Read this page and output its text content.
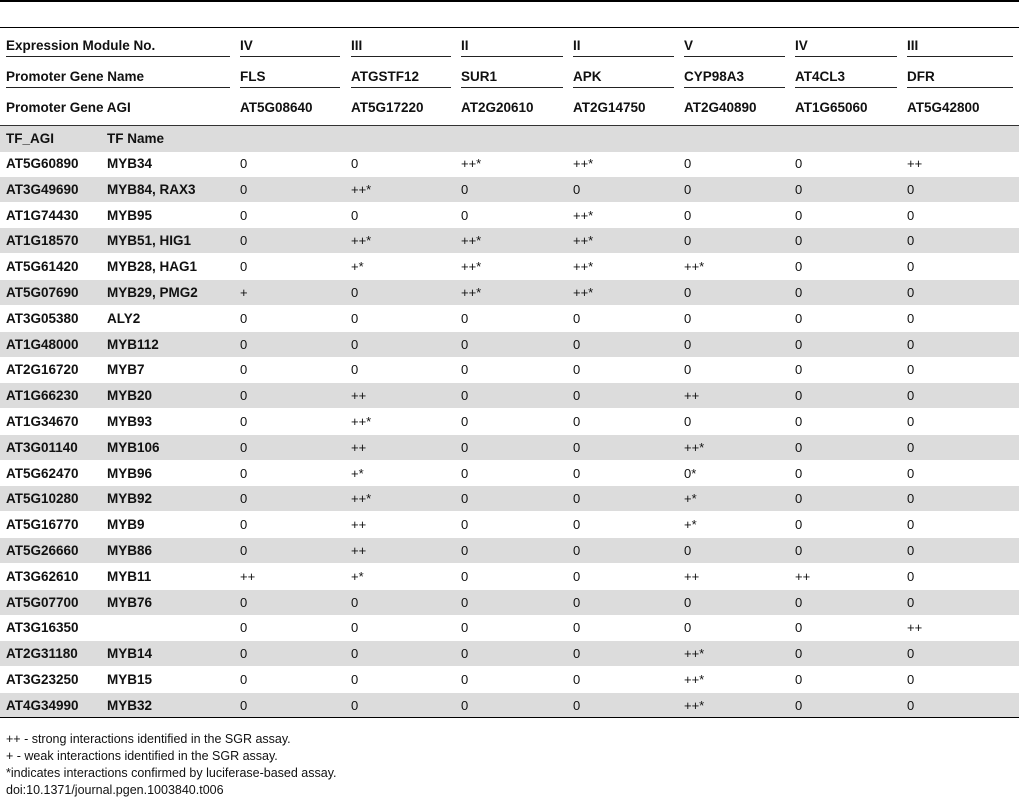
Expression Module No.	IV	III	II	II	V	IV	III
Promoter Gene Name	FLS	ATGSTF12	SUR1	APK	CYP98A3	AT4CL3	DFR
Promoter Gene AGI	AT5G08640	AT5G17220	AT2G20610	AT2G14750	AT2G40890	AT1G65060	AT5G42800
TF_AGI	TF Name
AT5G60890 MYB34	0	0	++*	++*	0	0	++
AT3G49690 MYB84, RAX3	0	++*	0	0	0	0	0
AT1G74430 MYB95	0	0	0	++*	0	0	0
AT1G18570 MYB51, HIG1	0	++*	++*	++*	0	0	0
AT5G61420 MYB28, HAG1	0	+*	++*	++*	++*	0	0
AT5G07690 MYB29, PMG2	+	0	++*	++*	0	0	0
AT3G05380 ALY2	0	0	0	0	0	0	0
AT1G48000 MYB112	0	0	0	0	0	0	0
AT2G16720 MYB7	0	0	0	0	0	0	0
AT1G66230 MYB20	0	++	0	0	++	0	0
AT1G34670 MYB93	0	++*	0	0	0	0	0
AT3G01140 MYB106	0	++	0	0	++*	0	0
AT5G62470 MYB96	0	+*	0	0	0*	0	0
AT5G10280 MYB92	0	++*	0	0	+*	0	0
AT5G16770 MYB9	0	++	0	0	+*	0	0
AT5G26660 MYB86	0	++	0	0	0	0	0
AT3G62610 MYB11	++	+*	0	0	++	++	0
AT5G07700 MYB76	0	0	0	0	0	0	0
AT3G16350	0	0	0	0	0	0	++
AT2G31180 MYB14	0	0	0	0	++*	0	0
AT3G23250 MYB15	0	0	0	0	++*	0	0
AT4G34990 MYB32	0	0	0	0	++*	0	0
++ - strong interactions identified in the SGR assay.
+ - weak interactions identified in the SGR assay.
*indicates interactions confirmed by luciferase-based assay.
doi:10.1371/journal.pgen.1003840.t006
